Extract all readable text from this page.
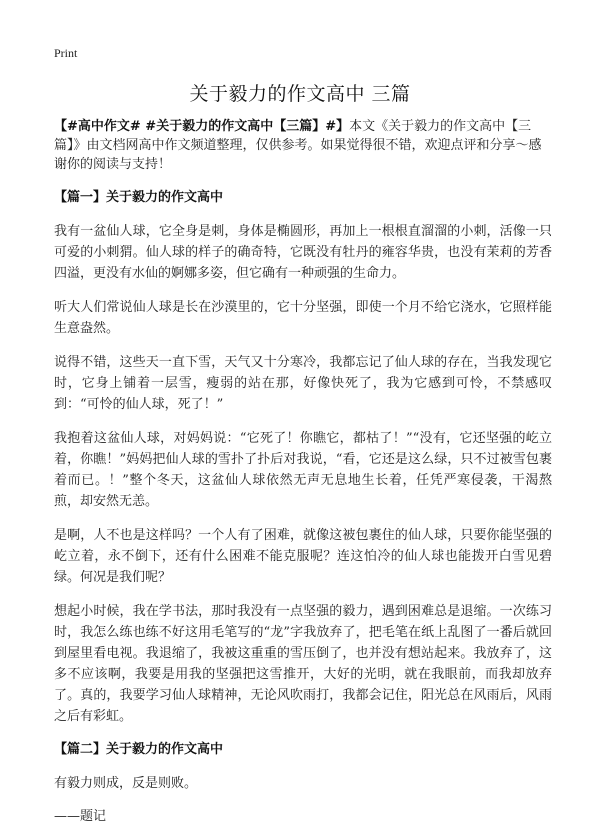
Print
关于毅力的作文高中 三篇

【#高中作文# #关于毅力的作文高中【三篇】#】本文《关于毅力的作文高中【三篇】》由文档网高中作文频道整理，仅供参考。如果觉得很不错，欢迎点评和分享～感谢你的阅读与支持！

【篇一】关于毅力的作文高中

我有一盆仙人球，它全身是刺，身体是椭圆形，再加上一根根直溜溜的小刺，活像一只可爱的小刺猬。仙人球的样子的确奇特，它既没有牡丹的雍容华贵，也没有茉莉的芳香四溢，更没有水仙的婀娜多姿，但它确有一种顽强的生命力。

听大人们常说仙人球是长在沙漠里的，它十分坚强，即使一个月不给它浇水，它照样能生意盎然。

说得不错，这些天一直下雪，天气又十分寒冷，我都忘记了仙人球的存在，当我发现它时，它身上铺着一层雪，瘦弱的站在那，好像快死了，我为它感到可怜，不禁感叹到：“可怜的仙人球，死了！”

我抱着这盆仙人球，对妈妈说：“它死了！你瞧它，都枯了！”“没有，它还坚强的屹立着，你瞧！”妈妈把仙人球的雪扑了扑后对我说，“看，它还是这么绿，只不过被雪包裹着而已。！”整个冬天，这盆仙人球依然无声无息地生长着，任凭严寒侵袭，干渴熬煎，却安然无恙。

是啊，人不也是这样吗？一个人有了困难，就像这被包裹住的仙人球，只要你能坚强的屹立着，永不倒下，还有什么困难不能克服呢？连这怕冷的仙人球也能拨开白雪见碧绿。何况是我们呢？

想起小时候，我在学书法，那时我没有一点坚强的毅力，遇到困难总是退缩。一次练习时，我怎么练也练不好这用毛笔写的“龙”字我放弃了，把毛笔在纸上乱图了一番后就回到屋里看电视。我退缩了，我被这重重的雪压倒了，也并没有想站起来。我放弃了，这多不应该啊，我要是用我的坚强把这雪推开，大好的光明，就在我眼前，而我却放弃了。真的，我要学习仙人球精神，无论风吹雨打，我都会记住，阳光总在风雨后，风雨之后有彩虹。

【篇二】关于毅力的作文高中

有毅力则成，反是则败。

——题记
